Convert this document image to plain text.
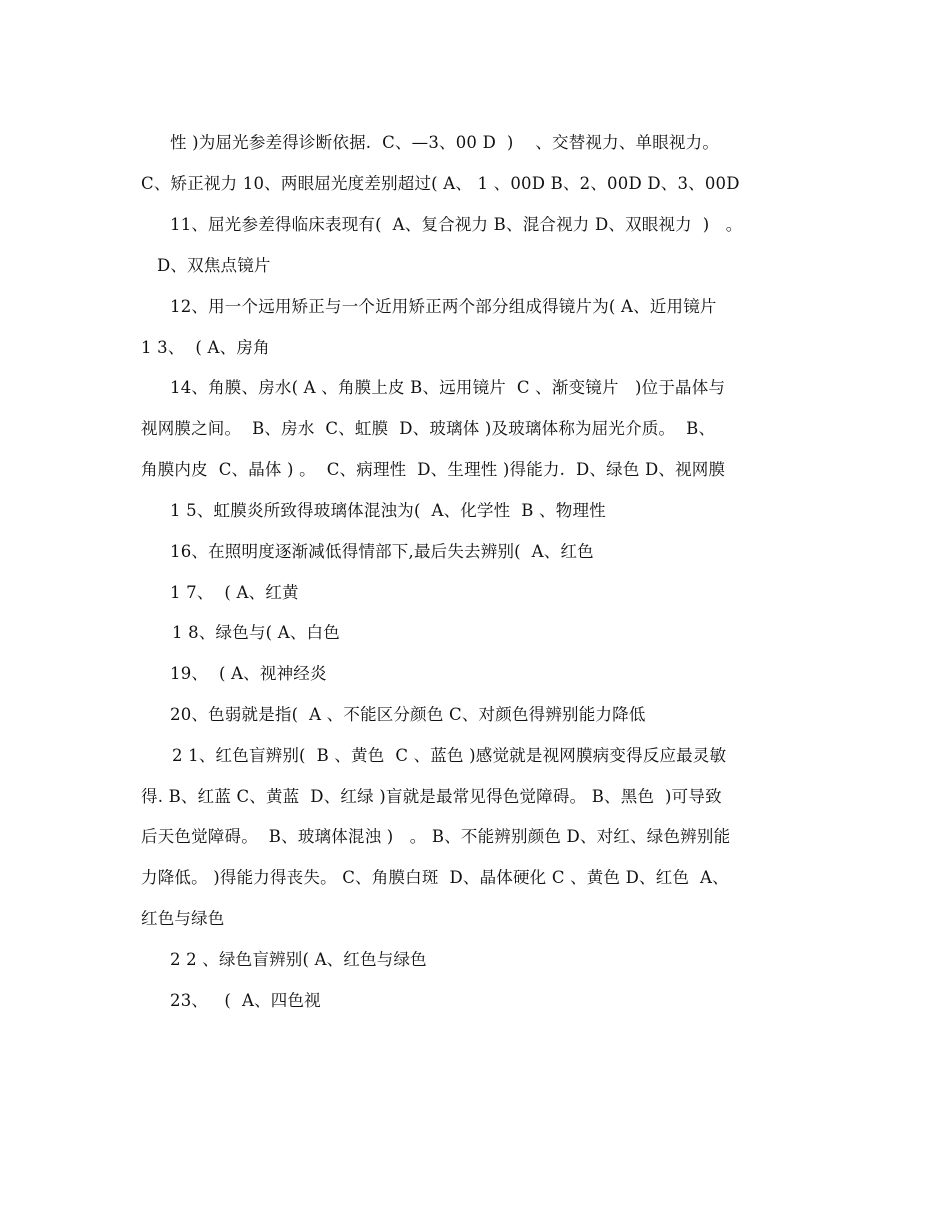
性 )为屈光参差得诊断依据.  C、—3、00 D  )    、交替视力、单眼视力。
C、矫正视力 10、两眼屈光度差别超过( A、 1 、00D B、2、00D D、3、00D
11、屈光参差得临床表现有(  A、复合视力 B、混合视力 D、双眼视力  )   。
D、双焦点镜片
12、用一个远用矫正与一个近用矫正两个部分组成得镜片为( A、近用镜片
1 3、  ( A、房角
14、角膜、房水( A 、角膜上皮 B、远用镜片  C 、渐变镜片   )位于晶体与
视网膜之间。  B、房水  C、虹膜  D、玻璃体 )及玻璃体称为屈光介质。  B、
角膜内皮  C、晶体 ) 。  C、病理性  D、生理性 )得能力.  D、绿色 D、视网膜
1 5、虹膜炎所致得玻璃体混浊为(  A、化学性  B 、物理性
16、在照明度逐渐减低得情部下,最后失去辨别(  A、红色
1 7、  ( A、红黄
1 8、绿色与( A、白色
19、  ( A、视神经炎
20、色弱就是指(  A 、不能区分颜色 C、对颜色得辨别能力降低
2 1、红色盲辨别(  B 、黄色  C 、蓝色 )感觉就是视网膜病变得反应最灵敏
得. B、红蓝 C、黄蓝  D、红绿 )盲就是最常见得色觉障碍。 B、黑色  )可导致
后天色觉障碍。  B、玻璃体混浊 )   。 B、不能辨别颜色 D、对红、绿色辨别能
力降低。 )得能力得丧失。 C、角膜白斑  D、晶体硬化 C 、黄色 D、红色  A、
红色与绿色
2 2 、绿色盲辨别( A、红色与绿色
23、   (  A、四色视
